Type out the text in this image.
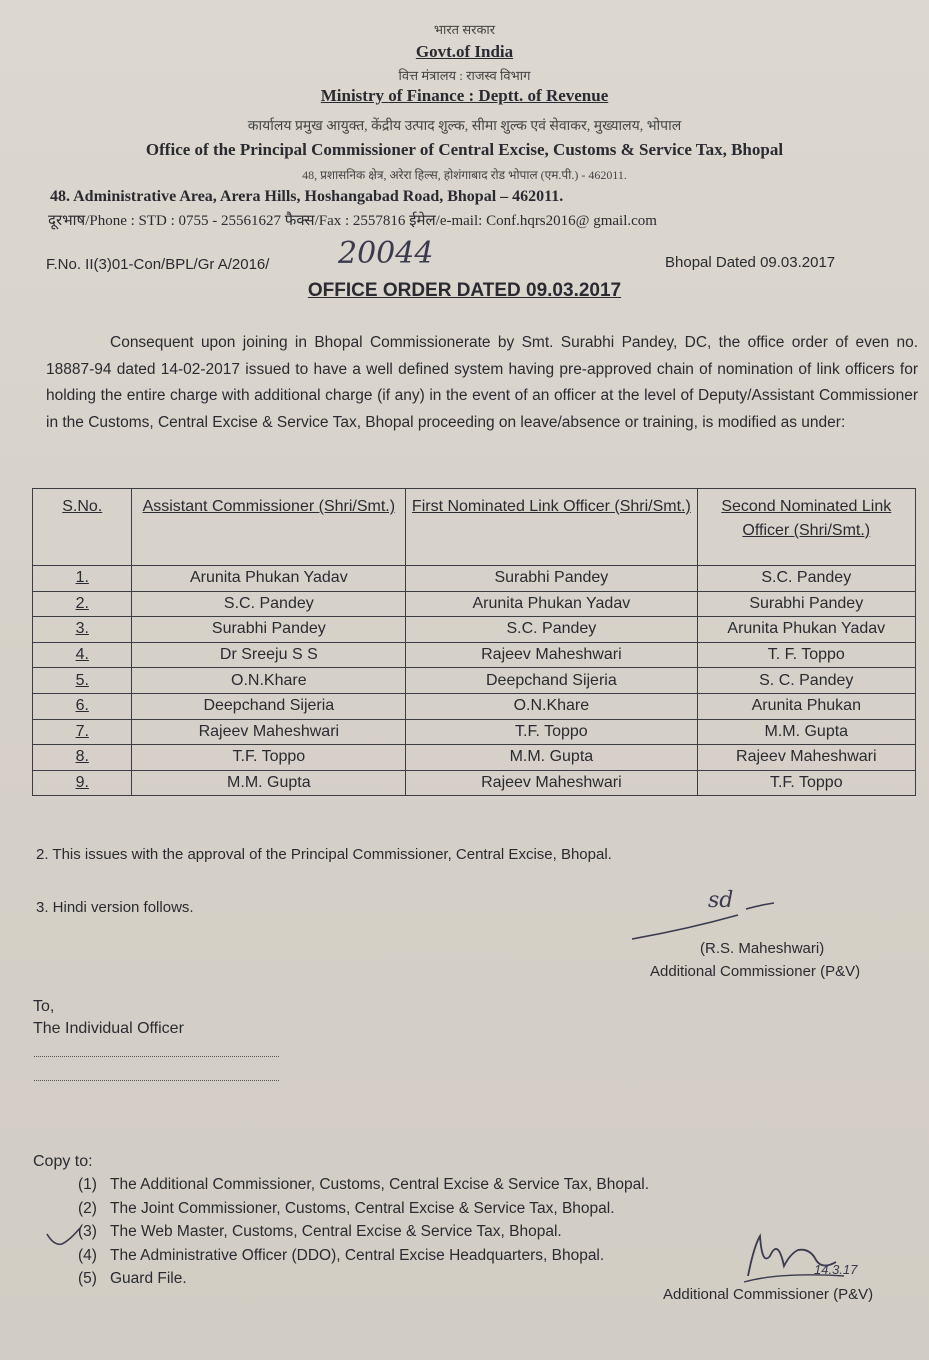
भारत सरकार
Govt.of India
वित्त मंत्रालय : राजस्व विभाग
Ministry of Finance : Deptt. of Revenue
कार्यालय प्रमुख आयुक्त, केंद्रीय उत्पाद शुल्क, सीमा शुल्क एवं सेवाकर, मुख्यालय, भोपाल
Office of the Principal Commissioner of Central Excise, Customs & Service Tax, Bhopal
48, प्रशासनिक क्षेत्र, अरेरा हिल्स, होशंगाबाद रोड भोपाल (एम.पी.) - 462011.
48. Administrative Area, Arera Hills, Hoshangabad Road, Bhopal – 462011.
दूरभाष/Phone : STD : 0755 - 25561627 फैक्स/Fax : 2557816 ईमेल/e-mail: Conf.hqrs2016@ gmail.com
F.No. II(3)01-Con/BPL/Gr A/2016/ 20044	Bhopal Dated 09.03.2017
OFFICE ORDER DATED 09.03.2017
Consequent upon joining in Bhopal Commissionerate by Smt. Surabhi Pandey, DC, the office order of even no. 18887-94 dated 14-02-2017 issued to have a well defined system having pre-approved chain of nomination of link officers for holding the entire charge with additional charge (if any) in the event of an officer at the level of Deputy/Assistant Commissioner in the Customs, Central Excise & Service Tax, Bhopal proceeding on leave/absence or training, is modified as under:
S.No.	Assistant Commissioner (Shri/Smt.)	First Nominated Link Officer (Shri/Smt.)	Second Nominated Link Officer (Shri/Smt.)
1.	Arunita Phukan Yadav	Surabhi Pandey	S.C. Pandey
2.	S.C. Pandey	Arunita Phukan Yadav	Surabhi Pandey
3.	Surabhi Pandey	S.C. Pandey	Arunita Phukan Yadav
4.	Dr Sreeju S S	Rajeev Maheshwari	T. F. Toppo
5.	O.N.Khare	Deepchand Sijeria	S. C. Pandey
6.	Deepchand Sijeria	O.N.Khare	Arunita Phukan
7.	Rajeev Maheshwari	T.F. Toppo	M.M. Gupta
8.	T.F. Toppo	M.M. Gupta	Rajeev Maheshwari
9.	M.M. Gupta	Rajeev Maheshwari	T.F. Toppo
2. This issues with the approval of the Principal Commissioner, Central Excise, Bhopal.
3. Hindi version follows.	sd
(R.S. Maheshwari)
Additional Commissioner (P&V)
To,
The Individual Officer
Copy to:
(1) The Additional Commissioner, Customs, Central Excise & Service Tax, Bhopal.
(2) The Joint Commissioner, Customs, Central Excise & Service Tax, Bhopal.
(3) The Web Master, Customs, Central Excise & Service Tax, Bhopal.
(4) The Administrative Officer (DDO), Central Excise Headquarters, Bhopal.
(5) Guard File.
14.3.17
Additional Commissioner (P&V)
